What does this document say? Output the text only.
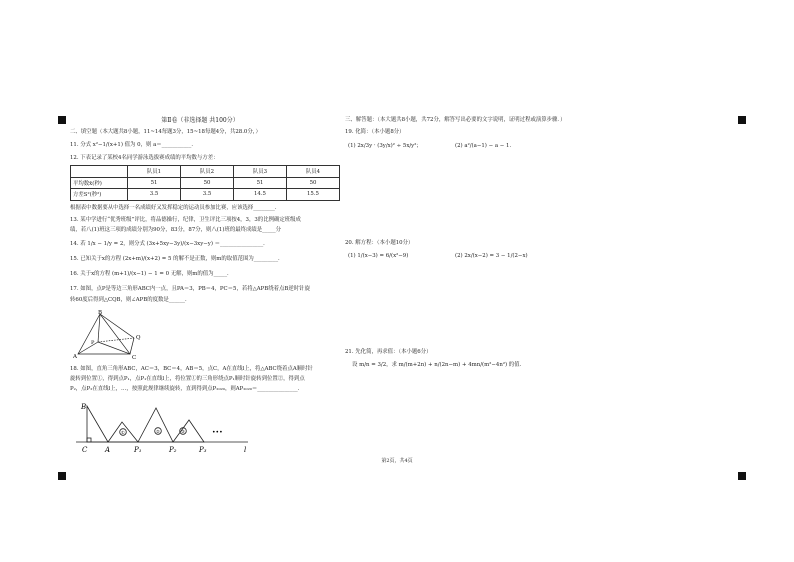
第Ⅱ卷（非选择题 共100分）
二、填空题（本大题共8小题，11~14每题3分，15~18每题4分，共28.0分，）
11. 分式 x²−1/(x+1) 值为 0，则 a＝___________．
12. 下表记录了某校4名同学游泳选拔赛成绩的平均数与方差：
	队员1	队员2	队员3	队员4
平均数x̄(秒)	51	50	51	50
方差S²(秒²)	3.5	3.5	14.5	15.5
根据表中数据要从中选择一名成绩好又发挥稳定的运动员参加比赛，应该选择________．
13. 某中学进行“优秀班级”评比，将品德操行，纪律，卫生评比三项按4，3，3的比例确定班级成
绩，若八(1)班这三项的成绩分别为90分，83分，87分，则八(1)班的最终成绩是_____分
14. 若 1/x − 1/y = 2，则分式 (3x+5xy−3y)/(x−3xy−y) ＝________________．
15. 已知关于x的方程 (2x+m)/(x+2) = 5 的解不是正数，则m的取值范围为_________．
16. 关于x的方程 (m+1)/(x−1) − 1 = 0 无解，则m的值为_____．
17. 如图，点P是等边三角形ABC内一点，且PA＝3，PB＝4，PC＝5，若将△APB绕着点B逆时针旋
转60度后得到△CQB，则∠APB的度数是______．
B
A	C
P
Q
18. 如图，直角三角形ABC，AC＝3，BC＝4，AB＝5，点C，A在直线l上，将△ABC绕着点A顺时针
旋转到位置①，得到点P₁，点P₁在直线l上，将位置①的三角形绕点P₁顺时针旋转到位置②，得到点
P₂，点P₂在直线l上，…，按照此规律继续旋转，直到得到点P₂₀₂₀，则AP₂₀₂₀＝_______________．
B
C	A	P₁	P₂	P₃	l
①	②	③	•••
三、解答题：（本大题共8小题，共72分，解答写出必要的文字说明，证明过程或演算步骤．）
19. 化简：（本小题8分）
(1) 2x/3y · (3y/x)² ÷ 5x/y²；	(2) a²/(a−1) − a − 1．
20. 解方程：（本小题10分）
(1) 1/(x−3) = 6/(x²−9)	(2) 2x/(x−2) = 3 − 1/(2−x)
21. 先化简，再求值：（本小题6分）
设 m/n = 3/2，求 m/(m+2n) + n/(2n−m) + 4mn/(m²−4n²) 的值．
第2页，共4页
